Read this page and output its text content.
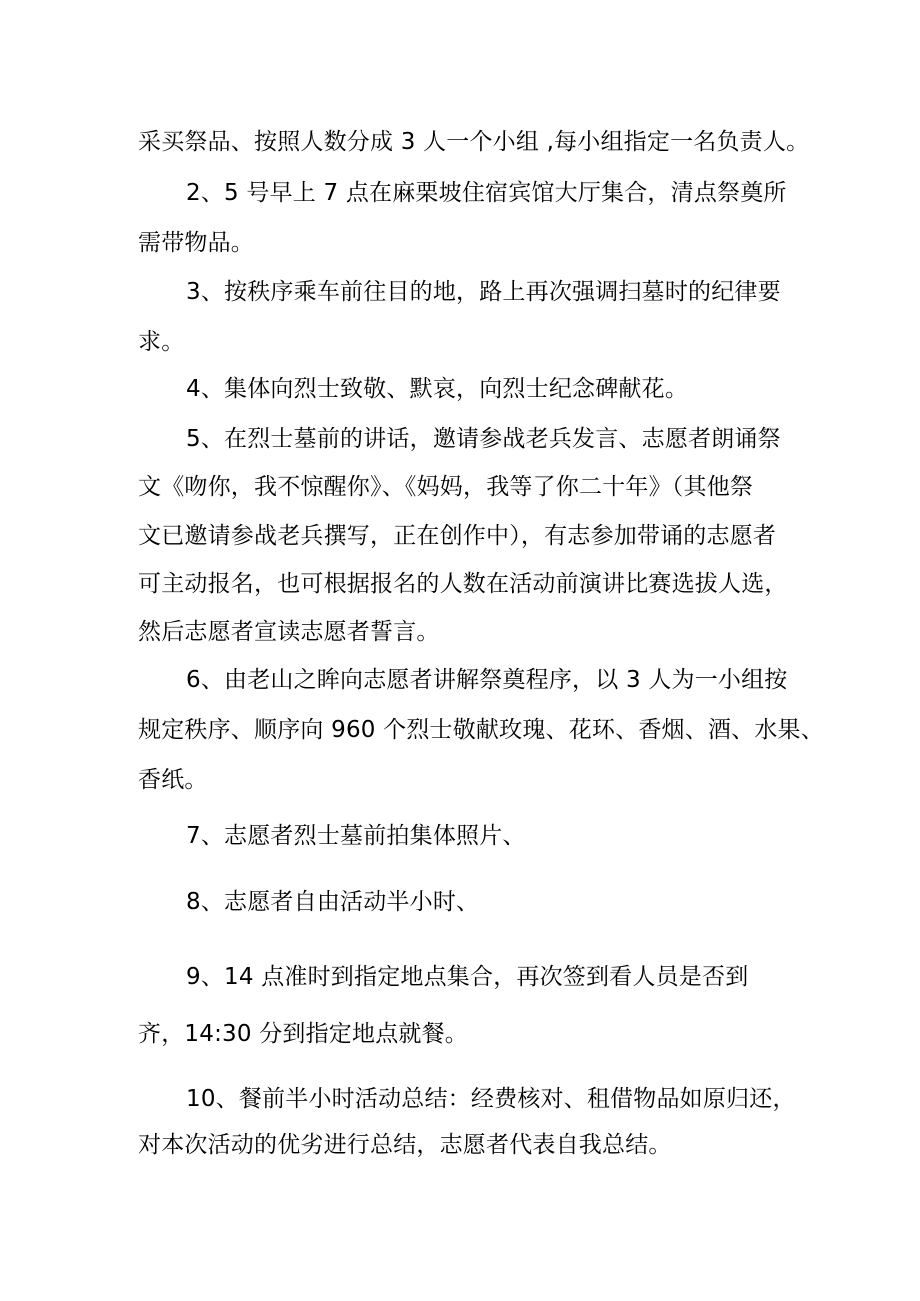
采买祭品、按照人数分成 3 人一个小组 ,每小组指定一名负责人。
2、5 号早上 7 点在麻栗坡住宿宾馆大厅集合，清点祭奠所
需带物品。
3、按秩序乘车前往目的地，路上再次强调扫墓时的纪律要
求。
4、集体向烈士致敬、默哀，向烈士纪念碑献花。
5、在烈士墓前的讲话，邀请参战老兵发言、志愿者朗诵祭
文《吻你，我不惊醒你》、《妈妈，我等了你二十年》（其他祭
文已邀请参战老兵撰写，正在创作中），有志参加带诵的志愿者
可主动报名，也可根据报名的人数在活动前演讲比赛选拔人选，
然后志愿者宣读志愿者誓言。
6、由老山之眸向志愿者讲解祭奠程序，以 3 人为一小组按
规定秩序、顺序向 960 个烈士敬献玫瑰、花环、香烟、酒、水果、
香纸。
7、志愿者烈士墓前拍集体照片、
8、志愿者自由活动半小时、
9、14 点准时到指定地点集合，再次签到看人员是否到
齐，14:30 分到指定地点就餐。
10、餐前半小时活动总结：经费核对、租借物品如原归还，
对本次活动的优劣进行总结，志愿者代表自我总结。
